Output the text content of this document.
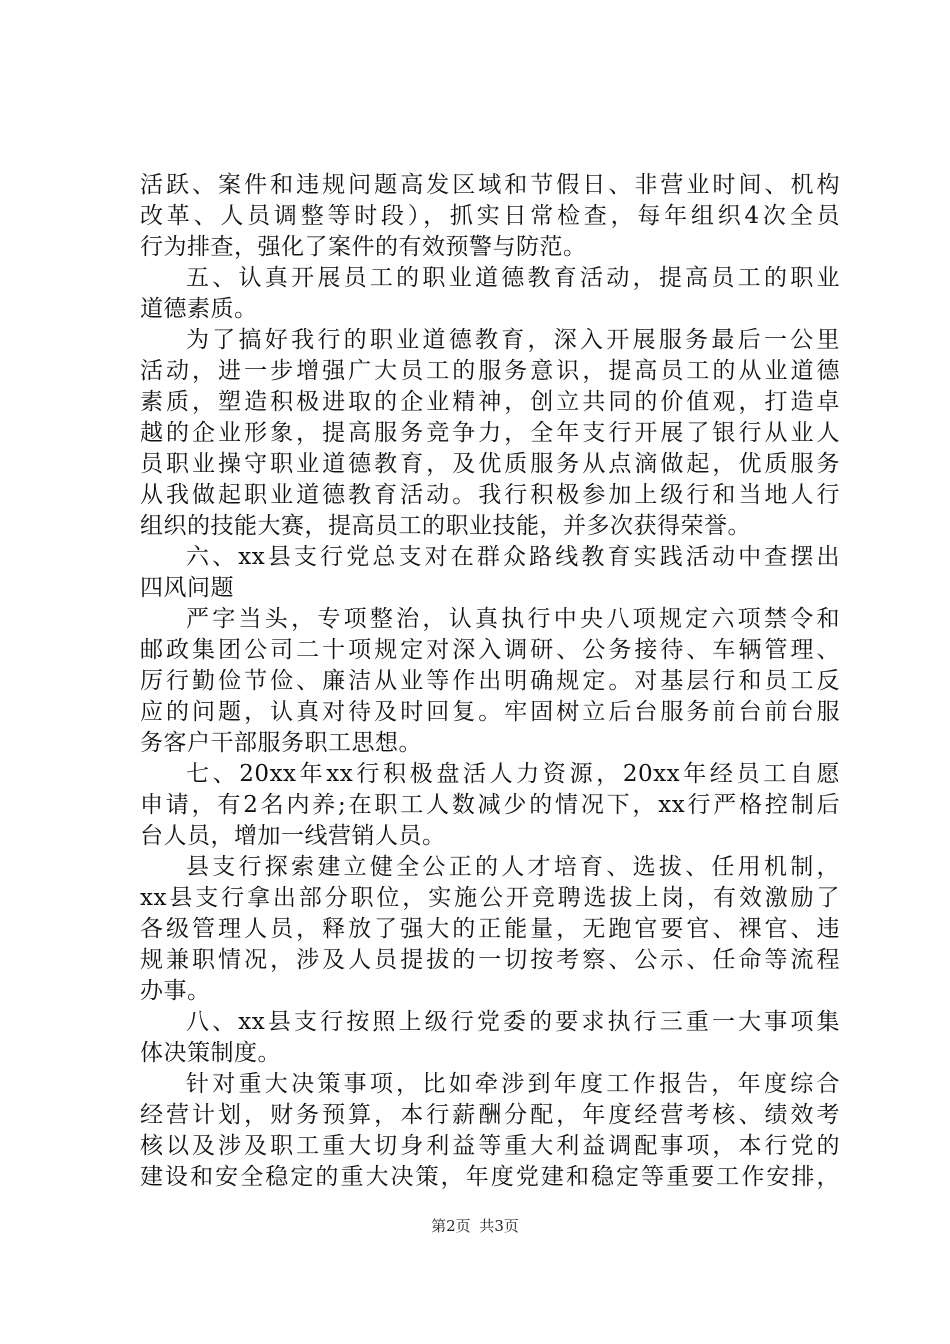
活跃、案件和违规问题高发区域和节假日、非营业时间、机构
改革、人员调整等时段），抓实日常检查，每年组织4次全员
行为排查，强化了案件的有效预警与防范。
五、认真开展员工的职业道德教育活动，提高员工的职业
道德素质。
为了搞好我行的职业道德教育，深入开展服务最后一公里
活动，进一步增强广大员工的服务意识，提高员工的从业道德
素质，塑造积极进取的企业精神，创立共同的价值观，打造卓
越的企业形象，提高服务竞争力，全年支行开展了银行从业人
员职业操守职业道德教育，及优质服务从点滴做起，优质服务
从我做起职业道德教育活动。我行积极参加上级行和当地人行
组织的技能大赛，提高员工的职业技能，并多次获得荣誉。
六、xx县支行党总支对在群众路线教育实践活动中查摆出
四风问题
严字当头，专项整治，认真执行中央八项规定六项禁令和
邮政集团公司二十项规定对深入调研、公务接待、车辆管理、
厉行勤俭节俭、廉洁从业等作出明确规定。对基层行和员工反
应的问题，认真对待及时回复。牢固树立后台服务前台前台服
务客户干部服务职工思想。
七、20xx年xx行积极盘活人力资源，20xx年经员工自愿
申请，有2名内养;在职工人数减少的情况下，xx行严格控制后
台人员，增加一线营销人员。
县支行探索建立健全公正的人才培育、选拔、任用机制，
xx县支行拿出部分职位，实施公开竞聘选拔上岗，有效激励了
各级管理人员，释放了强大的正能量，无跑官要官、裸官、违
规兼职情况，涉及人员提拔的一切按考察、公示、任命等流程
办事。
八、xx县支行按照上级行党委的要求执行三重一大事项集
体决策制度。
针对重大决策事项，比如牵涉到年度工作报告，年度综合
经营计划，财务预算，本行薪酬分配，年度经营考核、绩效考
核以及涉及职工重大切身利益等重大利益调配事项，本行党的
建设和安全稳定的重大决策，年度党建和稳定等重要工作安排，
第2页 共3页
